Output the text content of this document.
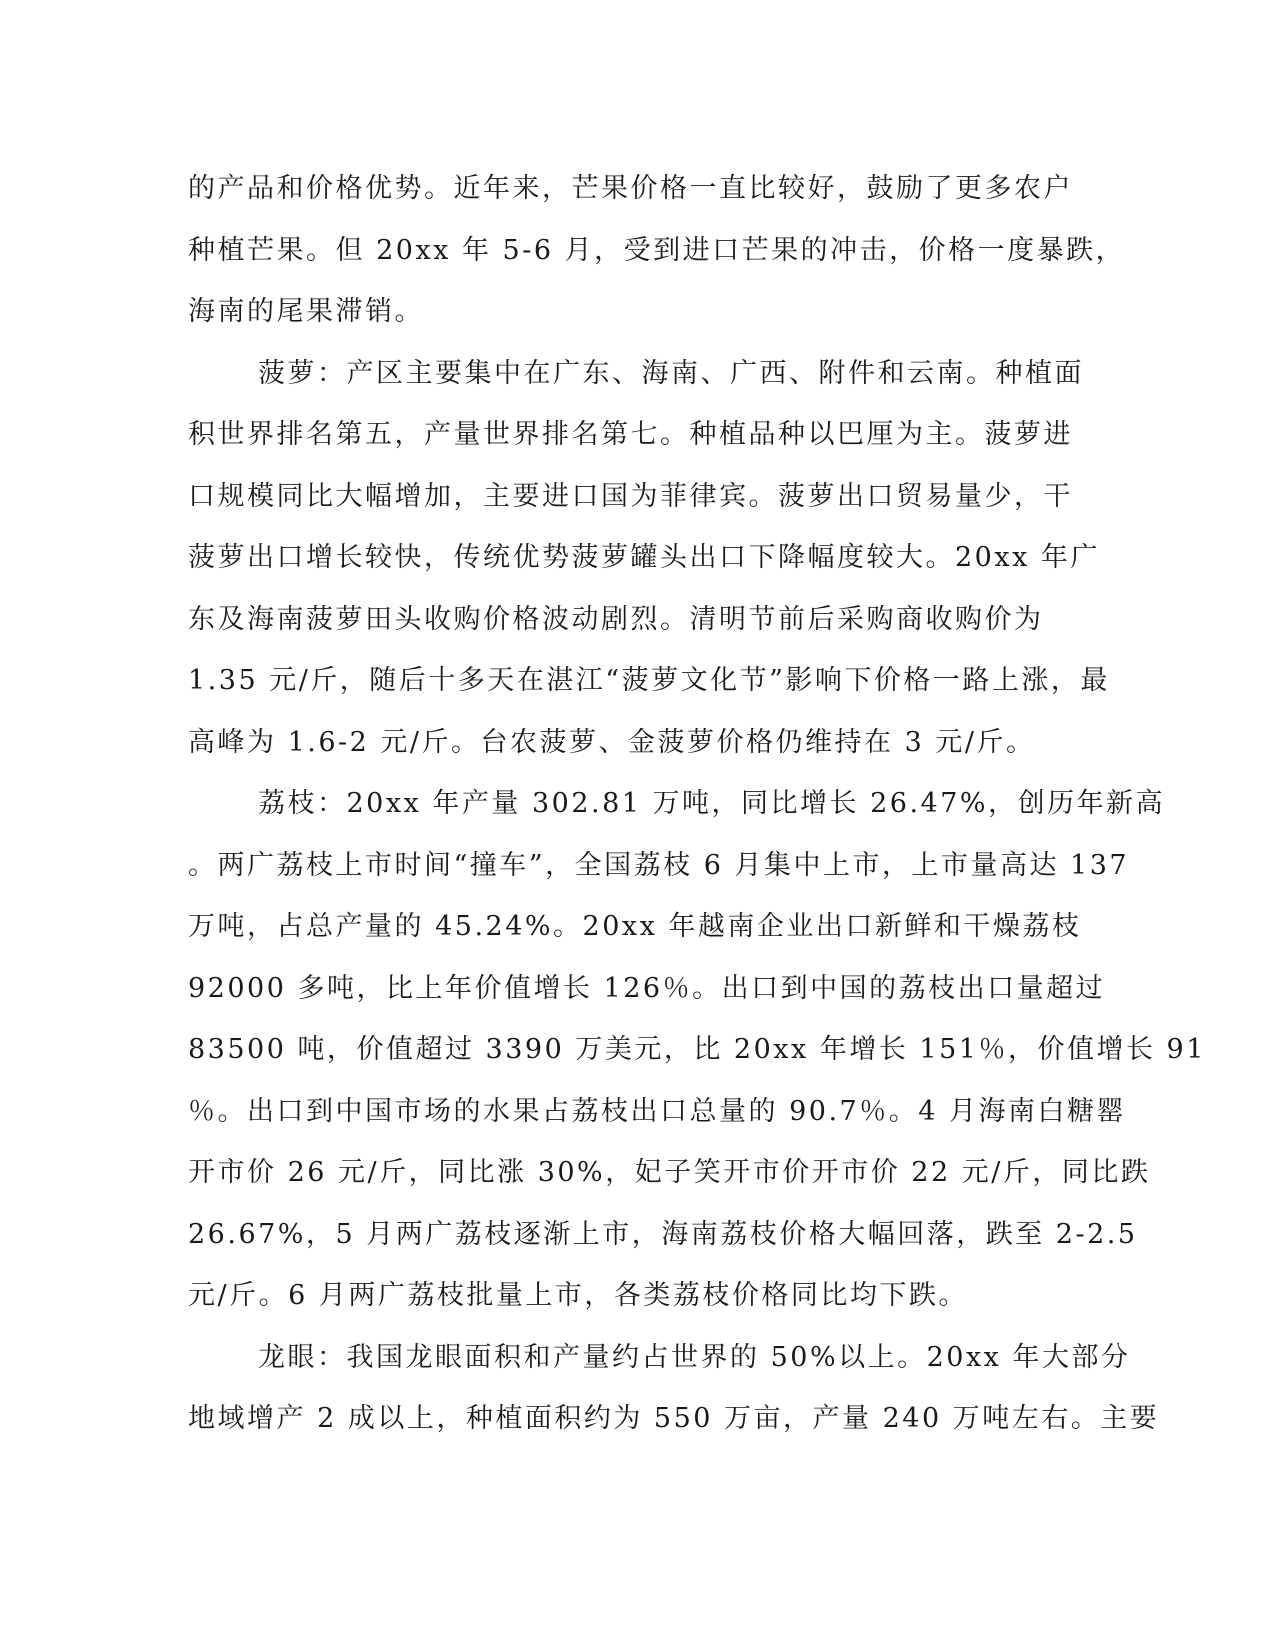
的产品和价格优势。近年来，芒果价格一直比较好，鼓励了更多农户
种植芒果。但 20xx 年 5-6 月，受到进口芒果的冲击，价格一度暴跌，
海南的尾果滞销。
菠萝：产区主要集中在广东、海南、广西、附件和云南。种植面
积世界排名第五，产量世界排名第七。种植品种以巴厘为主。菠萝进
口规模同比大幅增加，主要进口国为菲律宾。菠萝出口贸易量少，干
菠萝出口增长较快，传统优势菠萝罐头出口下降幅度较大。20xx 年广
东及海南菠萝田头收购价格波动剧烈。清明节前后采购商收购价为
1.35 元/斤，随后十多天在湛江“菠萝文化节”影响下价格一路上涨，最
高峰为 1.6-2 元/斤。台农菠萝、金菠萝价格仍维持在 3 元/斤。
荔枝：20xx 年产量 302.81 万吨，同比增长 26.47%，创历年新高
。两广荔枝上市时间“撞车”，全国荔枝 6 月集中上市，上市量高达 137
万吨，占总产量的 45.24%。20xx 年越南企业出口新鲜和干燥荔枝
92000 多吨，比上年价值增长 126％。出口到中国的荔枝出口量超过
83500 吨，价值超过 3390 万美元，比 20xx 年增长 151％，价值增长 91
％。出口到中国市场的水果占荔枝出口总量的 90.7％。4 月海南白糖罂
开市价 26 元/斤，同比涨 30%，妃子笑开市价开市价 22 元/斤，同比跌
26.67%，5 月两广荔枝逐渐上市，海南荔枝价格大幅回落，跌至 2-2.5
元/斤。6 月两广荔枝批量上市，各类荔枝价格同比均下跌。
龙眼：我国龙眼面积和产量约占世界的 50%以上。20xx 年大部分
地域增产 2 成以上，种植面积约为 550 万亩，产量 240 万吨左右。主要
